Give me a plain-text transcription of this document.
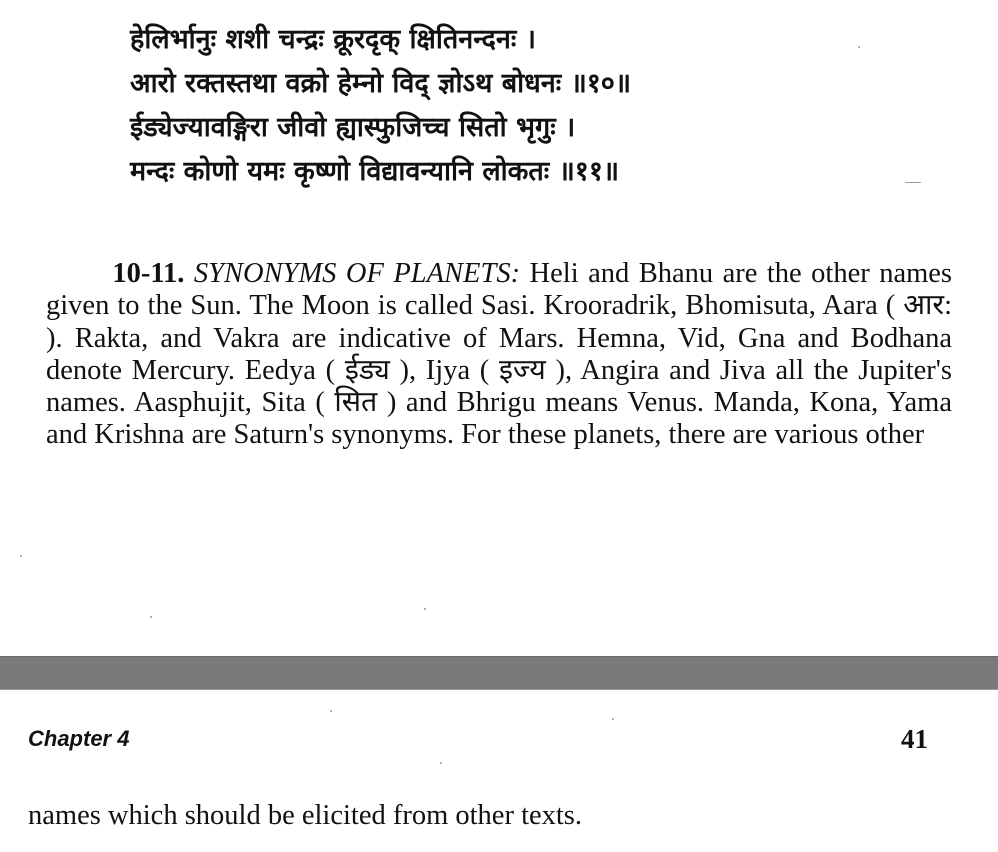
हेलिर्भानुः शशी चन्द्रः क्रूरदृक् क्षितिनन्दनः ।
आरो रक्तस्तथा वक्रो हेम्नो विद् ज्ञोऽथ बोधनः ॥१०॥
ईड्येज्यावङ्गिरा जीवो ह्यास्फुजिच्च सितो भृगुः ।
मन्दः कोणो यमः कृष्णो विद्यावन्यानि लोकतः ॥११॥

10-11. SYNONYMS OF PLANETS: Heli and Bhanu are the other names given to the Sun. The Moon is called Sasi. Krooradrik, Bhomisuta, Aara ( आर: ). Rakta, and Vakra are indicative of Mars. Hemna, Vid, Gna and Bodhana denote Mercury. Eedya ( ईड्य ), Ijya ( इज्य ), Angira and Jiva all the Jupiter's names. Aasphujit, Sita ( सित ) and Bhrigu means Venus. Manda, Kona, Yama and Krishna are Saturn's synonyms. For these planets, there are various other

Chapter 4	41
names which should be elicited from other texts.
